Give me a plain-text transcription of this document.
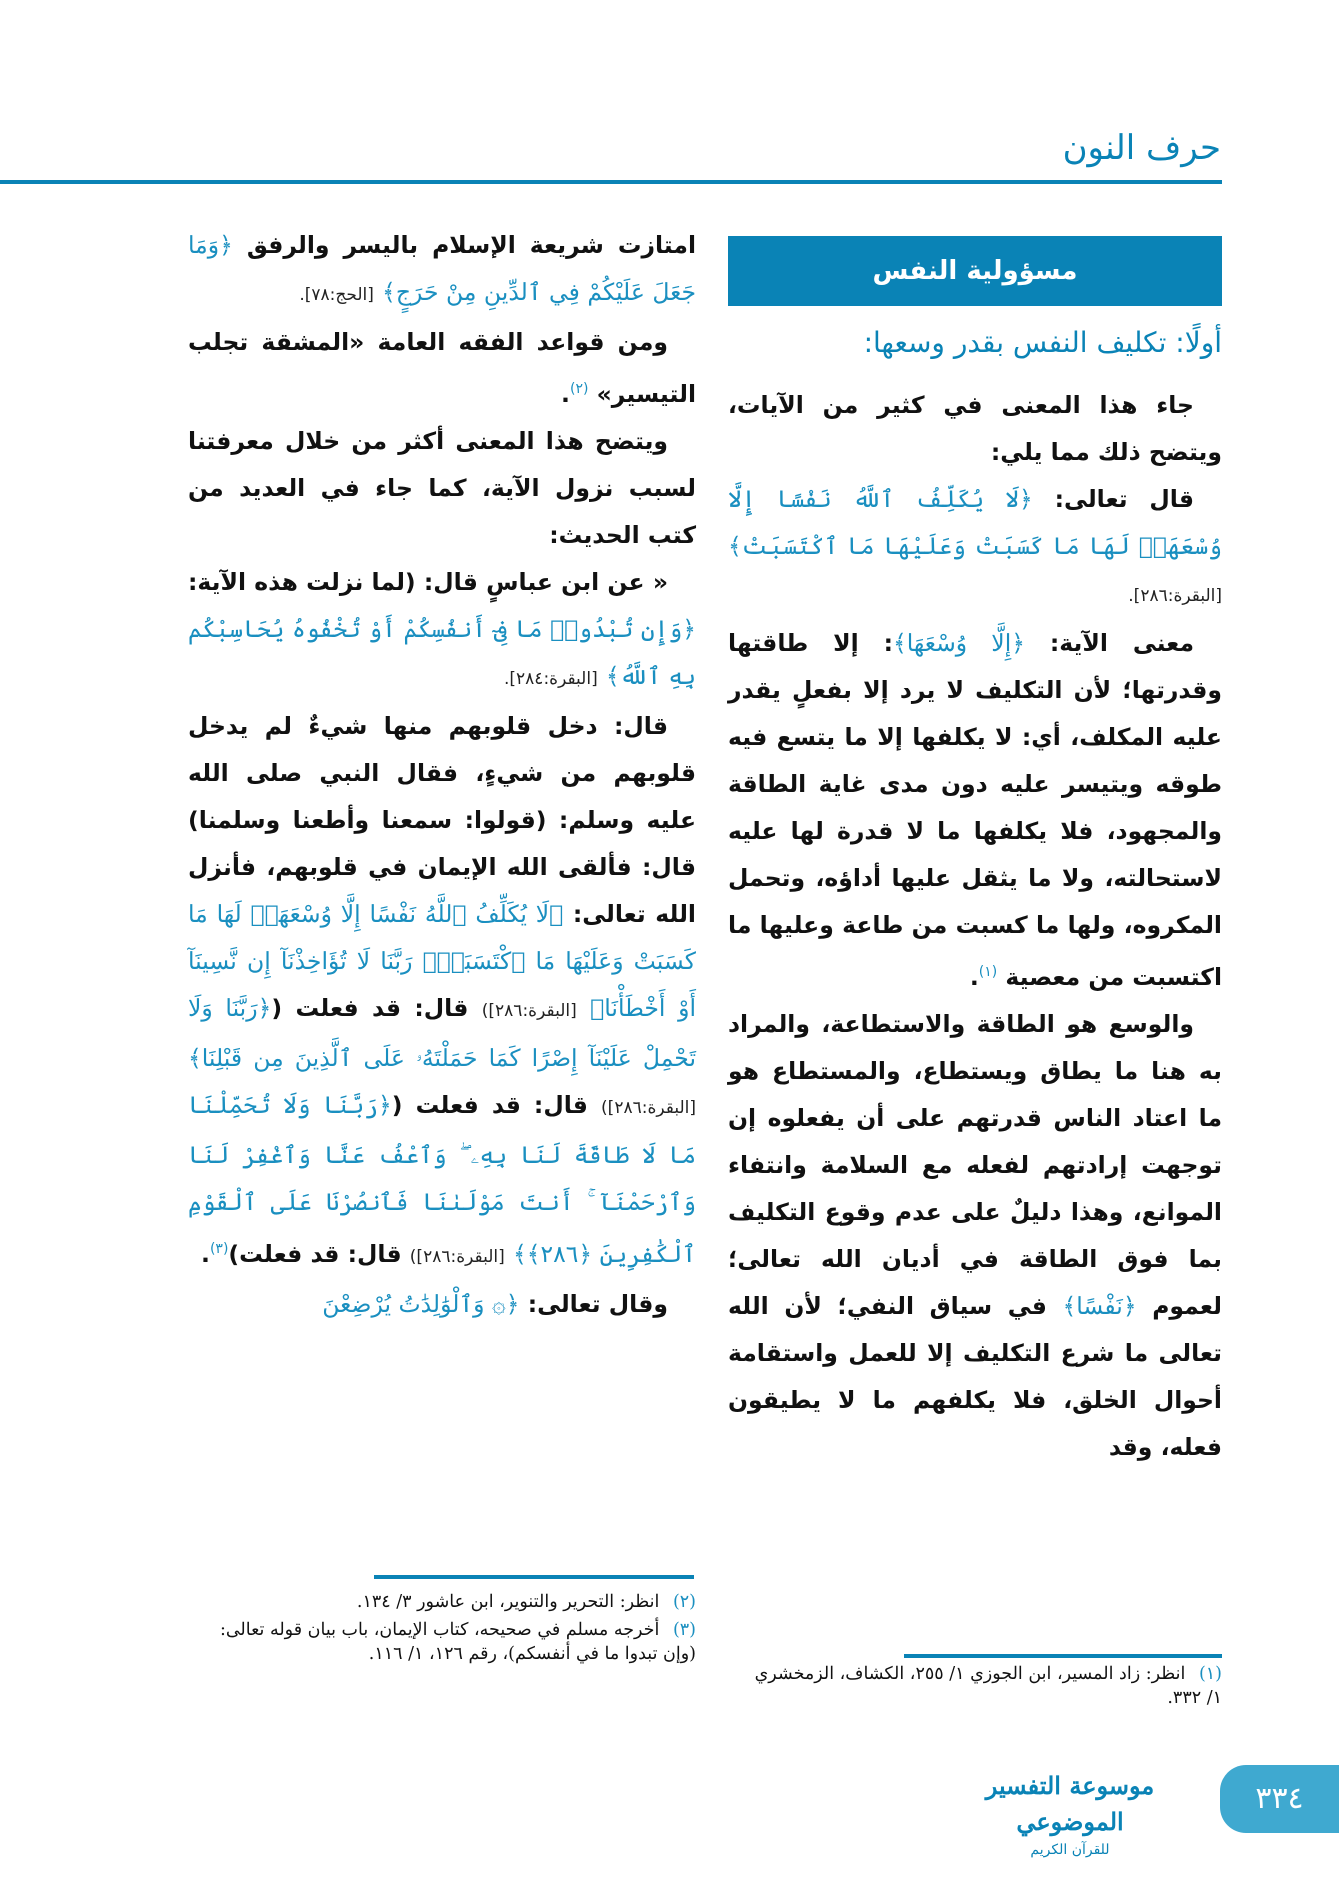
حرف النون
مسؤولية النفس
أولًا: تكليف النفس بقدر وسعها:

جاء هذا المعنى في كثير من الآيات، ويتضح ذلك مما يلي:

قال تعالى: ﴿لَا يُكَلِّفُ ٱللَّهُ نَفْسًا إِلَّا وُسْعَهَاۚ لَهَا مَا كَسَبَتْ وَعَلَيْهَا مَا ٱكْتَسَبَتْ﴾ [البقرة:٢٨٦].

معنى الآية: ﴿إِلَّا وُسْعَهَا﴾: إلا طاقتها وقدرتها؛ لأن التكليف لا يرد إلا بفعلٍ يقدر عليه المكلف، أي: لا يكلفها إلا ما يتسع فيه طوقه ويتيسر عليه دون مدى غاية الطاقة والمجهود، فلا يكلفها ما لا قدرة لها عليه لاستحالته، ولا ما يثقل عليها أداؤه، وتحمل المكروه، ولها ما كسبت من طاعة وعليها ما اكتسبت من معصية $^{(١)}$.

والوسع هو الطاقة والاستطاعة، والمراد به هنا ما يطاق ويستطاع، والمستطاع هو ما اعتاد الناس قدرتهم على أن يفعلوه إن توجهت إرادتهم لفعله مع السلامة وانتفاء الموانع، وهذا دليلٌ على عدم وقوع التكليف بما فوق الطاقة في أديان الله تعالى؛ لعموم ﴿نَفْسًا﴾ في سياق النفي؛ لأن الله تعالى ما شرع التكليف إلا للعمل واستقامة أحوال الخلق، فلا يكلفهم ما لا يطيقون فعله، وقد

(١) انظر: زاد المسير، ابن الجوزي ١/ ٢٥٥، الكشاف، الزمخشري ١/ ٣٣٢.

امتازت شريعة الإسلام باليسر والرفق ﴿وَمَا جَعَلَ عَلَيْكُمْ فِي ٱلدِّينِ مِنْ حَرَجٍ﴾ [الحج:٧٨].

ومن قواعد الفقه العامة «المشقة تجلب التيسير» $^{(٢)}$.

ويتضح هذا المعنى أكثر من خلال معرفتنا لسبب نزول الآية، كما جاء في العديد من كتب الحديث:

« عن ابن عباسٍ قال: (لما نزلت هذه الآية: ﴿وَإِن تُبْدُوا۟ مَا فِىٓ أَنفُسِكُمْ أَوْ تُخْفُوهُ يُحَاسِبْكُم بِهِ ٱللَّهُ﴾ [البقرة:٢٨٤].

قال: دخل قلوبهم منها شيءٌ لم يدخل قلوبهم من شيءٍ، فقال النبي صلى الله عليه وسلم: (قولوا: سمعنا وأطعنا وسلمنا) قال: فألقى الله الإيمان في قلوبهم، فأنزل الله تعالى: ﴿لَا يُكَلِّفُ ٱللَّهُ نَفْسًا إِلَّا وُسْعَهَاۚ لَهَا مَا كَسَبَتْ وَعَلَيْهَا مَا ٱكْتَسَبَتْۗ رَبَّنَا لَا تُؤَاخِذْنَآ إِن نَّسِينَآ أَوْ أَخْطَأْنَا﴾ [البقرة:٢٨٦]) قال: قد فعلت (﴿رَبَّنَا وَلَا تَحْمِلْ عَلَيْنَآ إِصْرًا كَمَا حَمَلْتَهُۥ عَلَى ٱلَّذِينَ مِن قَبْلِنَا﴾ [البقرة:٢٨٦]) قال: قد فعلت (﴿رَبَّنَا وَلَا تُحَمِّلْنَا مَا لَا طَاقَةَ لَنَا بِهِۦ ۖ وَٱعْفُ عَنَّا وَٱغْفِرْ لَنَا وَٱرْحَمْنَآ ۚ أَنتَ مَوْلَىٰنَا فَٱنصُرْنَا عَلَى ٱلْقَوْمِ ٱلْكَٰفِرِينَ ﴿٢٨٦﴾﴾ [البقرة:٢٨٦]) قال: قد فعلت)$^{(٣)}$.

وقال تعالى: ﴿۞ وَٱلْوَٰلِدَٰتُ يُرْضِعْنَ

(٢) انظر: التحرير والتنوير، ابن عاشور ٣/ ١٣٤.
(٣) أخرجه مسلم في صحيحه، كتاب الإيمان، باب بيان قوله تعالى: (وإن تبدوا ما في أنفسكم)، رقم ١٢٦، ١/ ١١٦.
٣٣٤
موسوعة التفسير الموضوعي
للقرآن الكريم
